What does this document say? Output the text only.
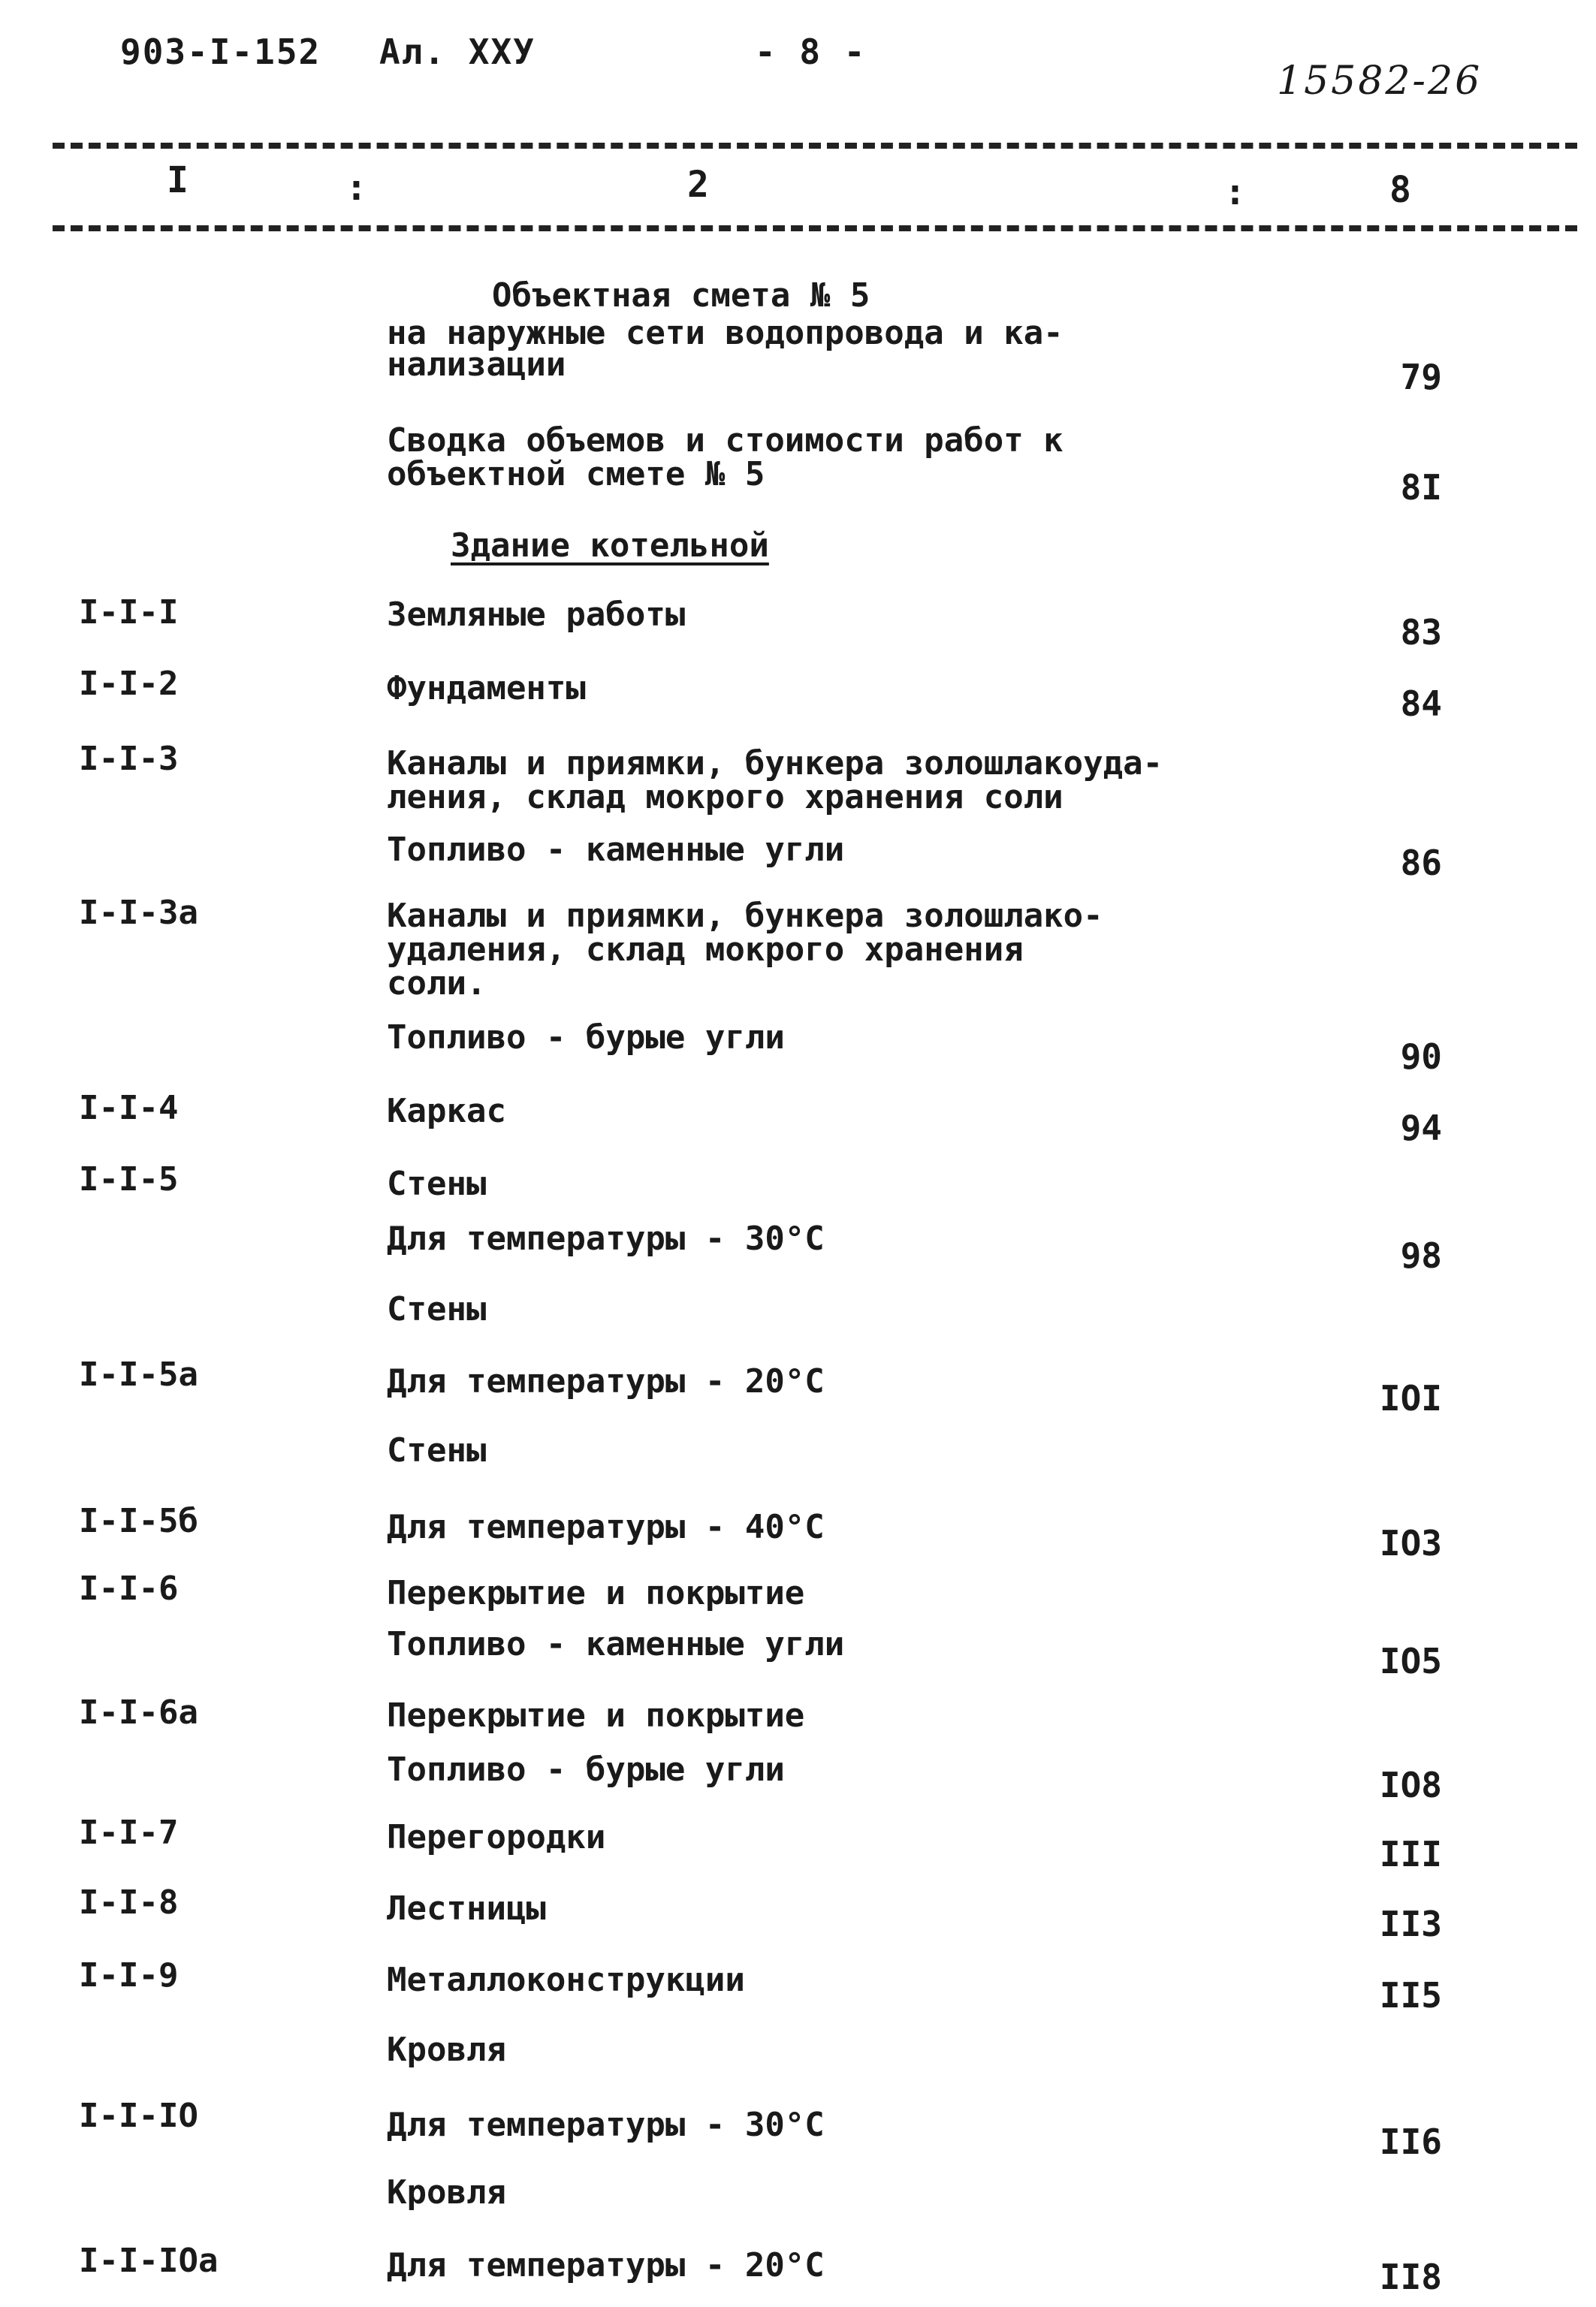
903-I-152 Ал. ХХУ	- 8 -
15582-26
I	:	2	:	8
Объектная смета № 5
на наружные сети водопровода и ка-
нализации	79
Сводка объемов и стоимости работ к
объектной смете № 5	8I
Здание котельной
I-I-I	Земляные работы	83
I-I-2	Фундаменты	84
I-I-3	Каналы и приямки, бункера золошлакоуда-
ления, склад мокрого хранения соли
Топливо - каменные угли	86
I-I-3а	Каналы и приямки, бункера золошлако-
удаления, склад мокрого хранения
соли.
Топливо - бурые угли	90
I-I-4	Каркас	94
I-I-5	Стены
Для температуры - 30°С	98
Стены
I-I-5а	Для температуры - 20°С	IOI
Стены
I-I-5б	Для температуры - 40°С	IO3
I-I-6	Перекрытие и покрытие
Топливо - каменные угли	IO5
I-I-6а	Перекрытие и покрытие
Топливо - бурые угли	IO8
I-I-7	Перегородки	III
I-I-8	Лестницы	II3
I-I-9	Металлоконструкции	II5
Кровля
I-I-IO	Для температуры - 30°С	II6
Кровля
I-I-IOа	Для температуры - 20°С	II8
